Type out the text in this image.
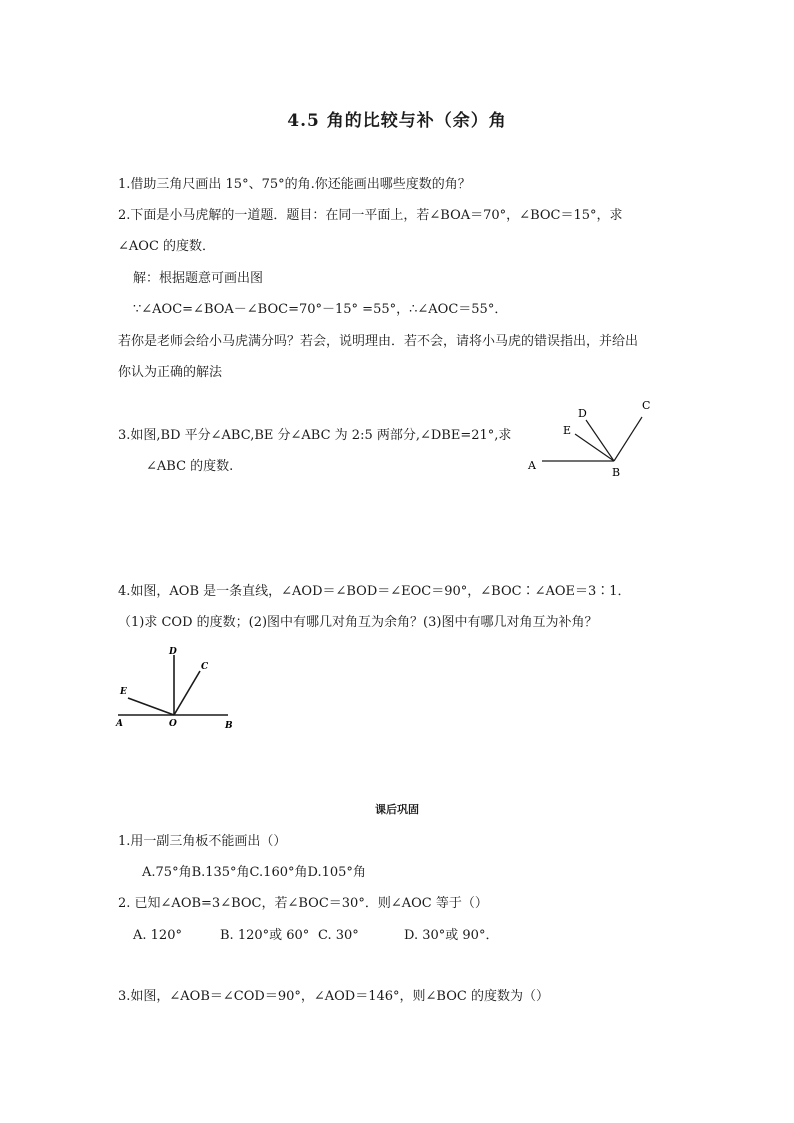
4.5 角的比较与补（余）角
1.借助三角尺画出 15°、75°的角.你还能画出哪些度数的角？
2.下面是小马虎解的一道题．题目：在同一平面上，若∠BOA＝70°，∠BOC＝15°，求
∠AOC 的度数．
解：根据题意可画出图
∵∠AOC=∠BOA－∠BOC=70°－15° =55°，∴∠AOC＝55°．
若你是老师会给小马虎满分吗？若会，说明理由．若不会，请将小马虎的错误指出，并给出
你认为正确的解法
3.如图,BD 平分∠ABC,BE 分∠ABC 为 2:5 两部分,∠DBE=21°,求
∠ABC 的度数.	A
B
C
D
E
4.如图，AOB 是一条直线，∠AOD＝∠BOD＝∠EOC＝90°，∠BOC∶∠AOE＝3∶1．
（1)求 COD 的度数；(2)图中有哪几对角互为余角？(3)图中有哪几对角互为补角？
A	O	B
D
C
E
课后巩固
1.用一副三角板不能画出（）
A.75°角B.135°角C.160°角D.105°角
2. 已知∠AOB=3∠BOC，若∠BOC＝30°．则∠AOC 等于（）
A. 120°	B. 120°或 60° C. 30°	D. 30°或 90°．
3.如图，∠AOB＝∠COD＝90°，∠AOD＝146°，则∠BOC 的度数为（）
